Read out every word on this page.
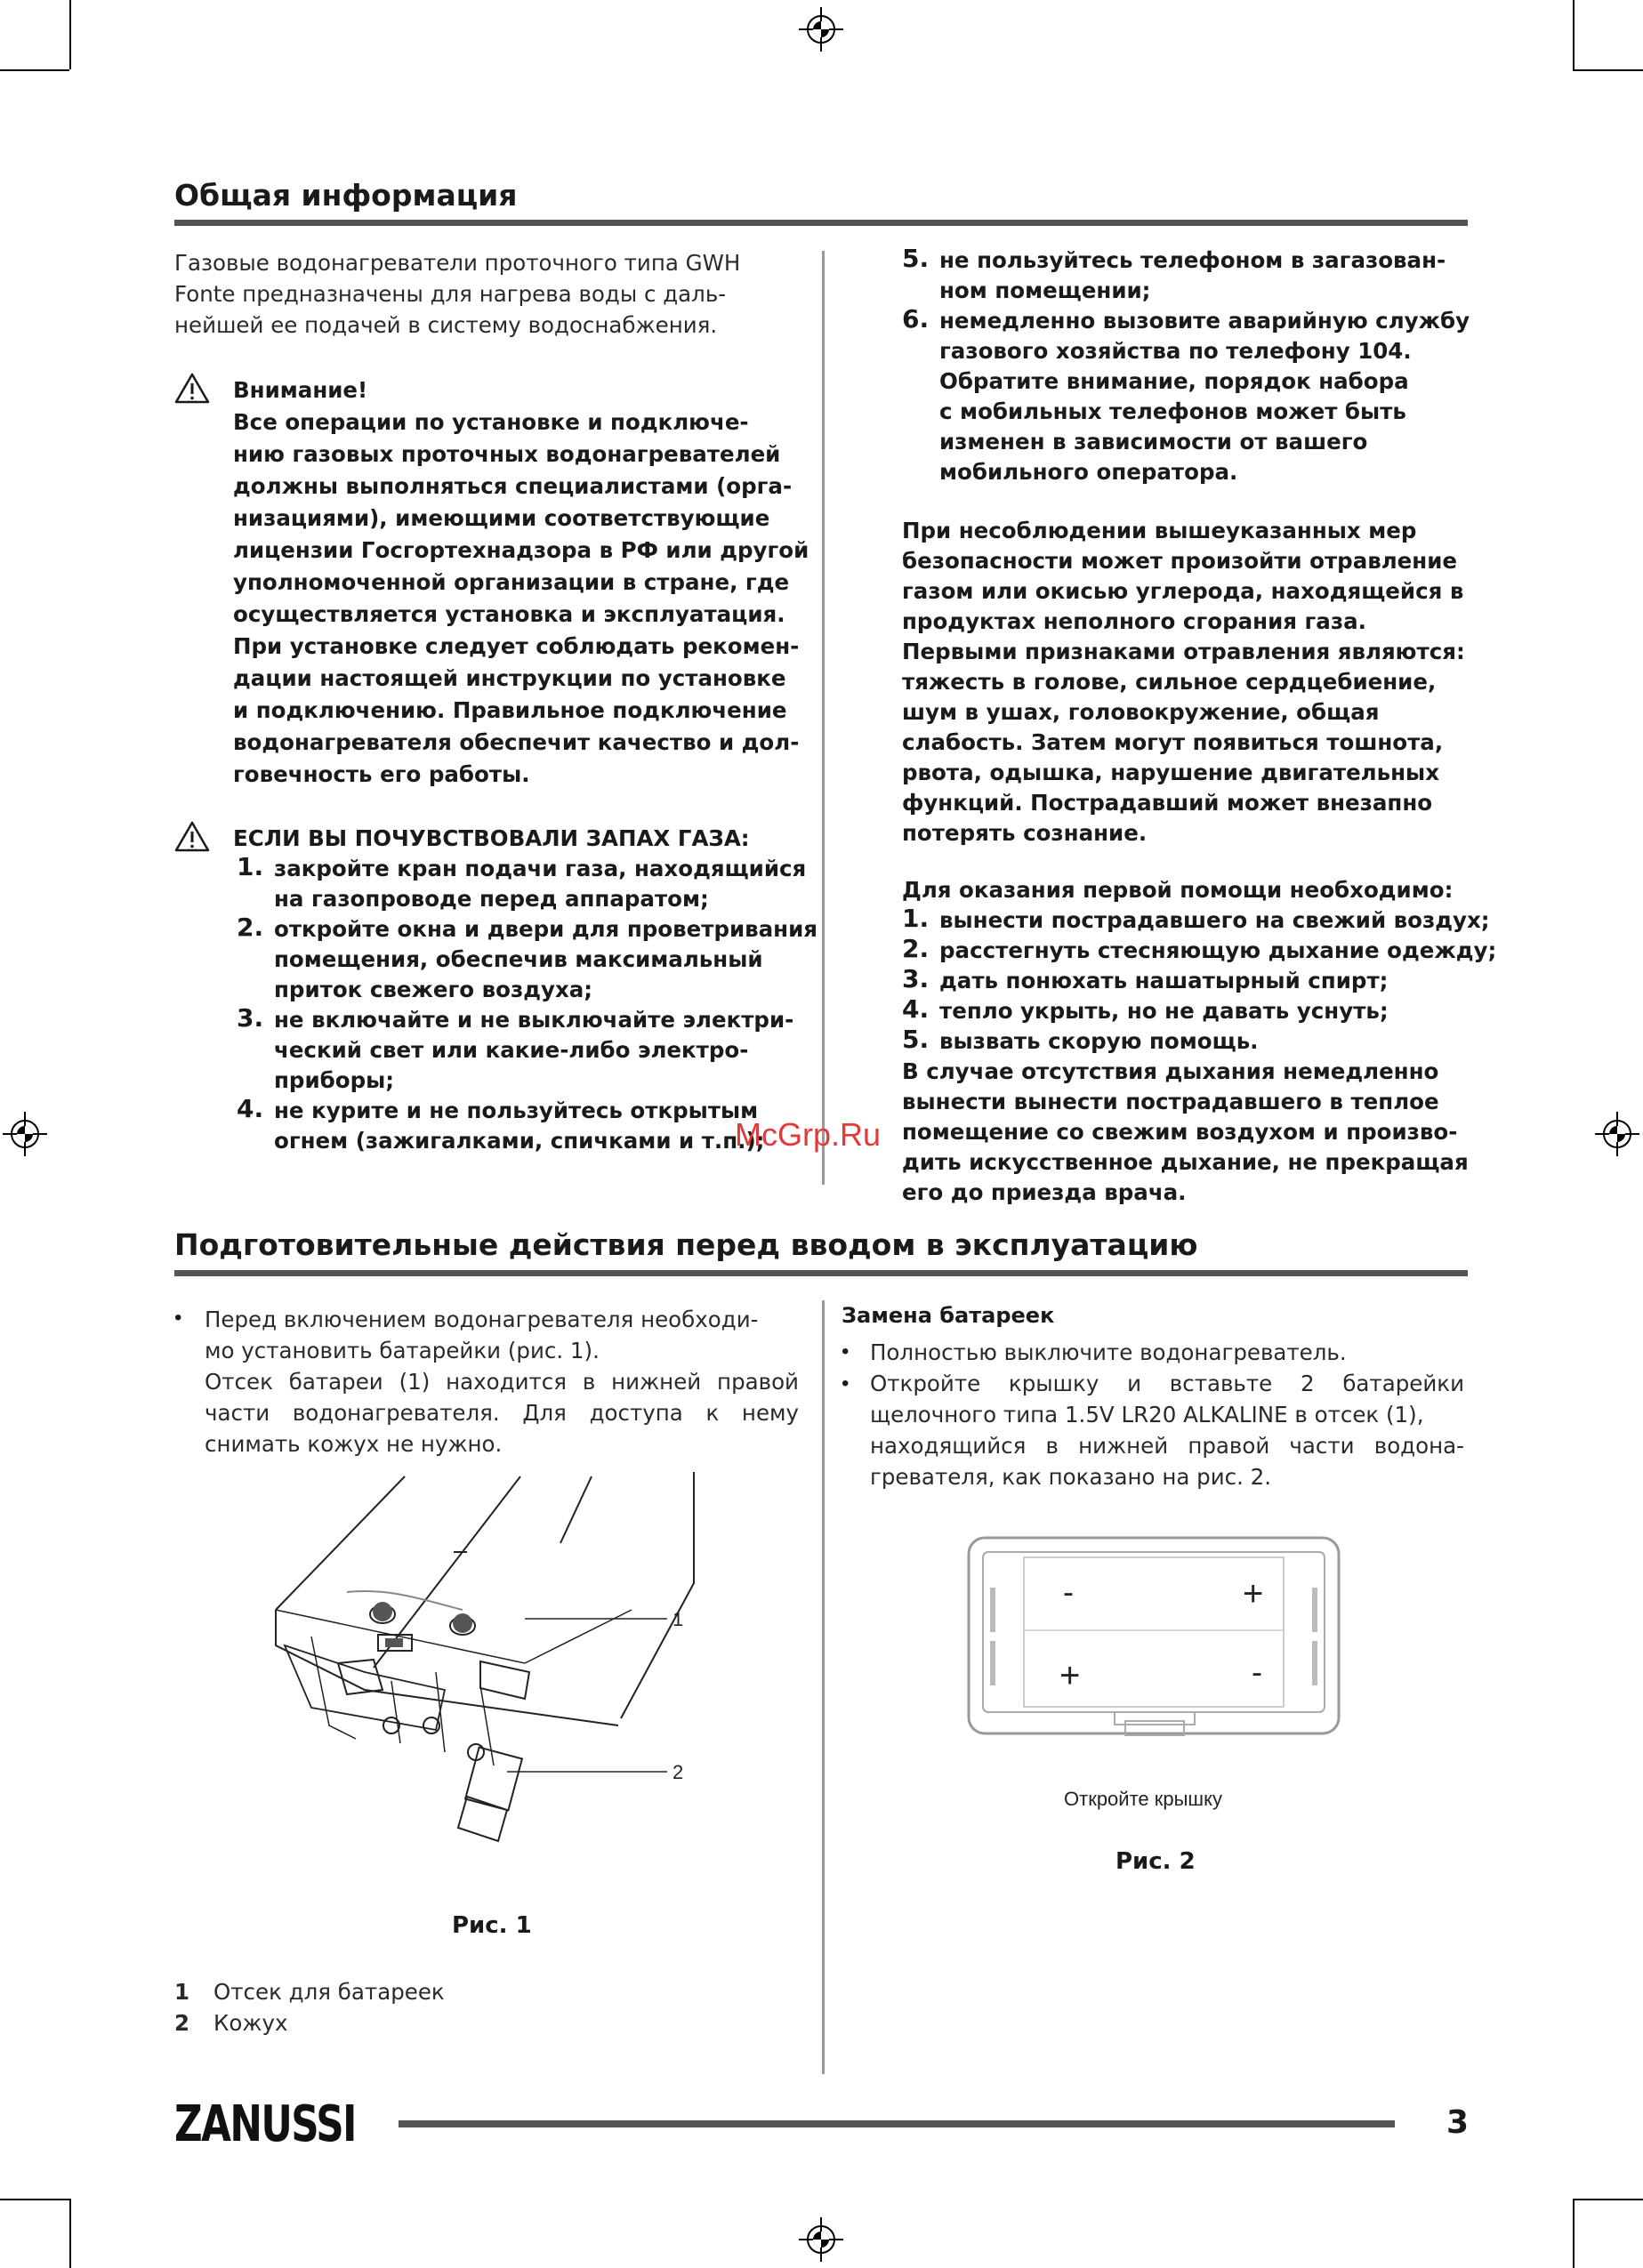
Общая информация
Газовые водонагреватели проточного типа GWH
Fonte предназначены для нагрева воды с даль-
нейшей ее подачей в систему водоснабжения.
Внимание!
Все операции по установке и подключе-
нию газовых проточных водонагревателей
должны выполняться специалистами (орга-
низациями), имеющими соответствующие
лицензии Госгортехнадзора в РФ или другой
уполномоченной организации в стране, где
осуществляется установка и эксплуатация.
При установке следует соблюдать рекомен-
дации настоящей инструкции по установке
и подключению. Правильное подключение
водонагревателя обеспечит качество и дол-
говечность его работы.
ЕСЛИ ВЫ ПОЧУВСТВОВАЛИ ЗАПАХ ГАЗА:
1. закройте кран подачи газа, находящийся
на газопроводе перед аппаратом;
2. откройте окна и двери для проветривания
помещения, обеспечив максимальный
приток свежего воздуха;
3. не включайте и не выключайте электри-
ческий свет или какие-либо электро-
приборы;
4. не курите и не пользуйтесь открытым
огнем (зажигалками, спичками и т.п.);
McGrp.Ru
5. не пользуйтесь телефоном в загазован-
ном помещении;
6. немедленно вызовите аварийную службу
газового хозяйства по телефону 104.
Обратите внимание, порядок набора
с мобильных телефонов может быть
изменен в зависимости от вашего
мобильного оператора.
При несоблюдении вышеуказанных мер
безопасности может произойти отравление
газом или окисью углерода, находящейся в
продуктах неполного сгорания газа.
Первыми признаками отравления являются:
тяжесть в голове, сильное сердцебиение,
шум в ушах, головокружение, общая
слабость. Затем могут появиться тошнота,
рвота, одышка, нарушение двигательных
функций. Пострадавший может внезапно
потерять сознание.
Для оказания первой помощи необходимо:
1. вынести пострадавшего на свежий воздух;
2. расстегнуть стесняющую дыхание одежду;
3. дать понюхать нашатырный спирт;
4. тепло укрыть, но не давать уснуть;
5. вызвать скорую помощь.
В случае отсутствия дыхания немедленно
вынести вынести пострадавшего в теплое
помещение со свежим воздухом и произво-
дить искусственное дыхание, не прекращая
его до приезда врача.
Подготовительные действия перед вводом в эксплуатацию
• Перед включением водонагревателя необходи-
мо установить батарейки (рис. 1).
Отсек батареи (1) находится в нижней правой
части водонагревателя. Для доступа к нему
снимать кожух не нужно.
1
2
Рис. 1
1 Отсек для батареек
2 Кожух
Замена батареек
• Полностью выключите водонагреватель.
• Откройте крышку и вставьте 2 батарейки
щелочного типа 1.5V LR20 ALKALINE в отсек (1),
находящийся в нижней правой части водона-
гревателя, как показано на рис. 2.
-	+
+	-
Откройте крышку
Рис. 2
ZANUSSI	3
